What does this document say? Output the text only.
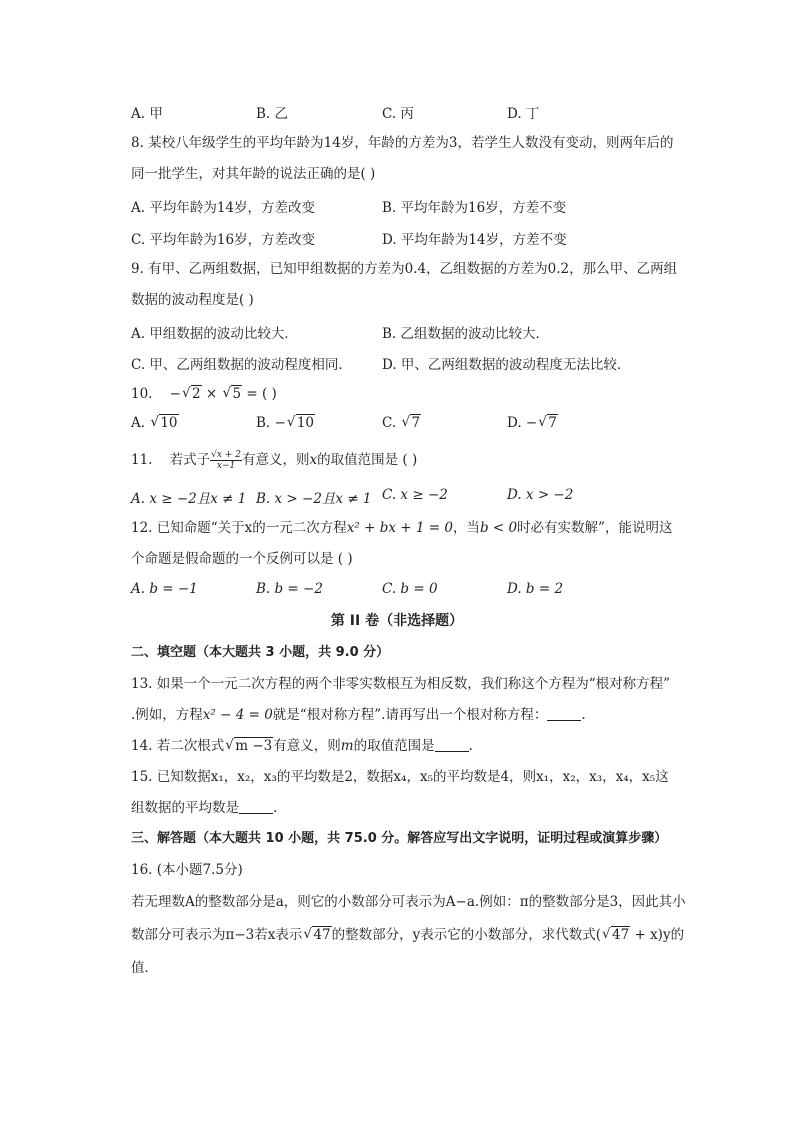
A. 甲	B. 乙	C. 丙	D. 丁
8. 某校八年级学生的平均年龄为14岁，年龄的方差为3，若学生人数没有变动，则两年后的
同一批学生，对其年龄的说法正确的是( )
A. 平均年龄为14岁，方差改变	B. 平均年龄为16岁，方差不变
C. 平均年龄为16岁，方差改变	D. 平均年龄为14岁，方差不变
9. 有甲、乙两组数据，已知甲组数据的方差为0.4，乙组数据的方差为0.2，那么甲、乙两组
数据的波动程度是( )
A. 甲组数据的波动比较大．	B. 乙组数据的波动比较大．
C. 甲、乙两组数据的波动程度相同． D. 甲、乙两组数据的波动程度无法比较．
10. − √ 2 × √ 5 = ( )
A. √ 10	B. − √ 10	C. √ 7	D. − √ 7
11. 若式子 $\frac{√x + 2}{x-1}$ 有意义，则x的取值范围是 ( )
A. x ≥ −2且x ≠ 1 B. x > −2且x ≠ 1 C. x ≥ −2	D. x > −2
12. 已知命题“关于x的一元二次方程x² + bx + 1 = 0，当b < 0时必有实数解”，能说明这
个命题是假命题的一个反例可以是 ( )
A. b = −1	B. b = −2	C. b = 0	D. b = 2
第 II 卷（非选择题）
二、填空题（本大题共 3 小题，共 9.0 分）
13. 如果一个一元二次方程的两个非零实数根互为相反数，我们称这个方程为“根对称方程”
.例如，方程x² − 4 = 0就是“根对称方程”.请再写出一个根对称方程：	.
14. 若二次根式 √ m −3有意义，则m的取值范围是	.
15. 已知数据x₁，x₂，x₃的平均数是2，数据x₄，x₅的平均数是4，则x₁，x₂，x₃，x₄，x₅这
组数据的平均数是	.
三、解答题（本大题共 10 小题，共 75.0 分。解答应写出文字说明，证明过程或演算步骤）
16. (本小题7.5分)
若无理数A的整数部分是a，则它的小数部分可表示为A−a.例如：π的整数部分是3，因此其小
数部分可表示为π−3若x表示 √ 47的整数部分，y表示它的小数部分，求代数式( √ 47 + x)y的
值．
